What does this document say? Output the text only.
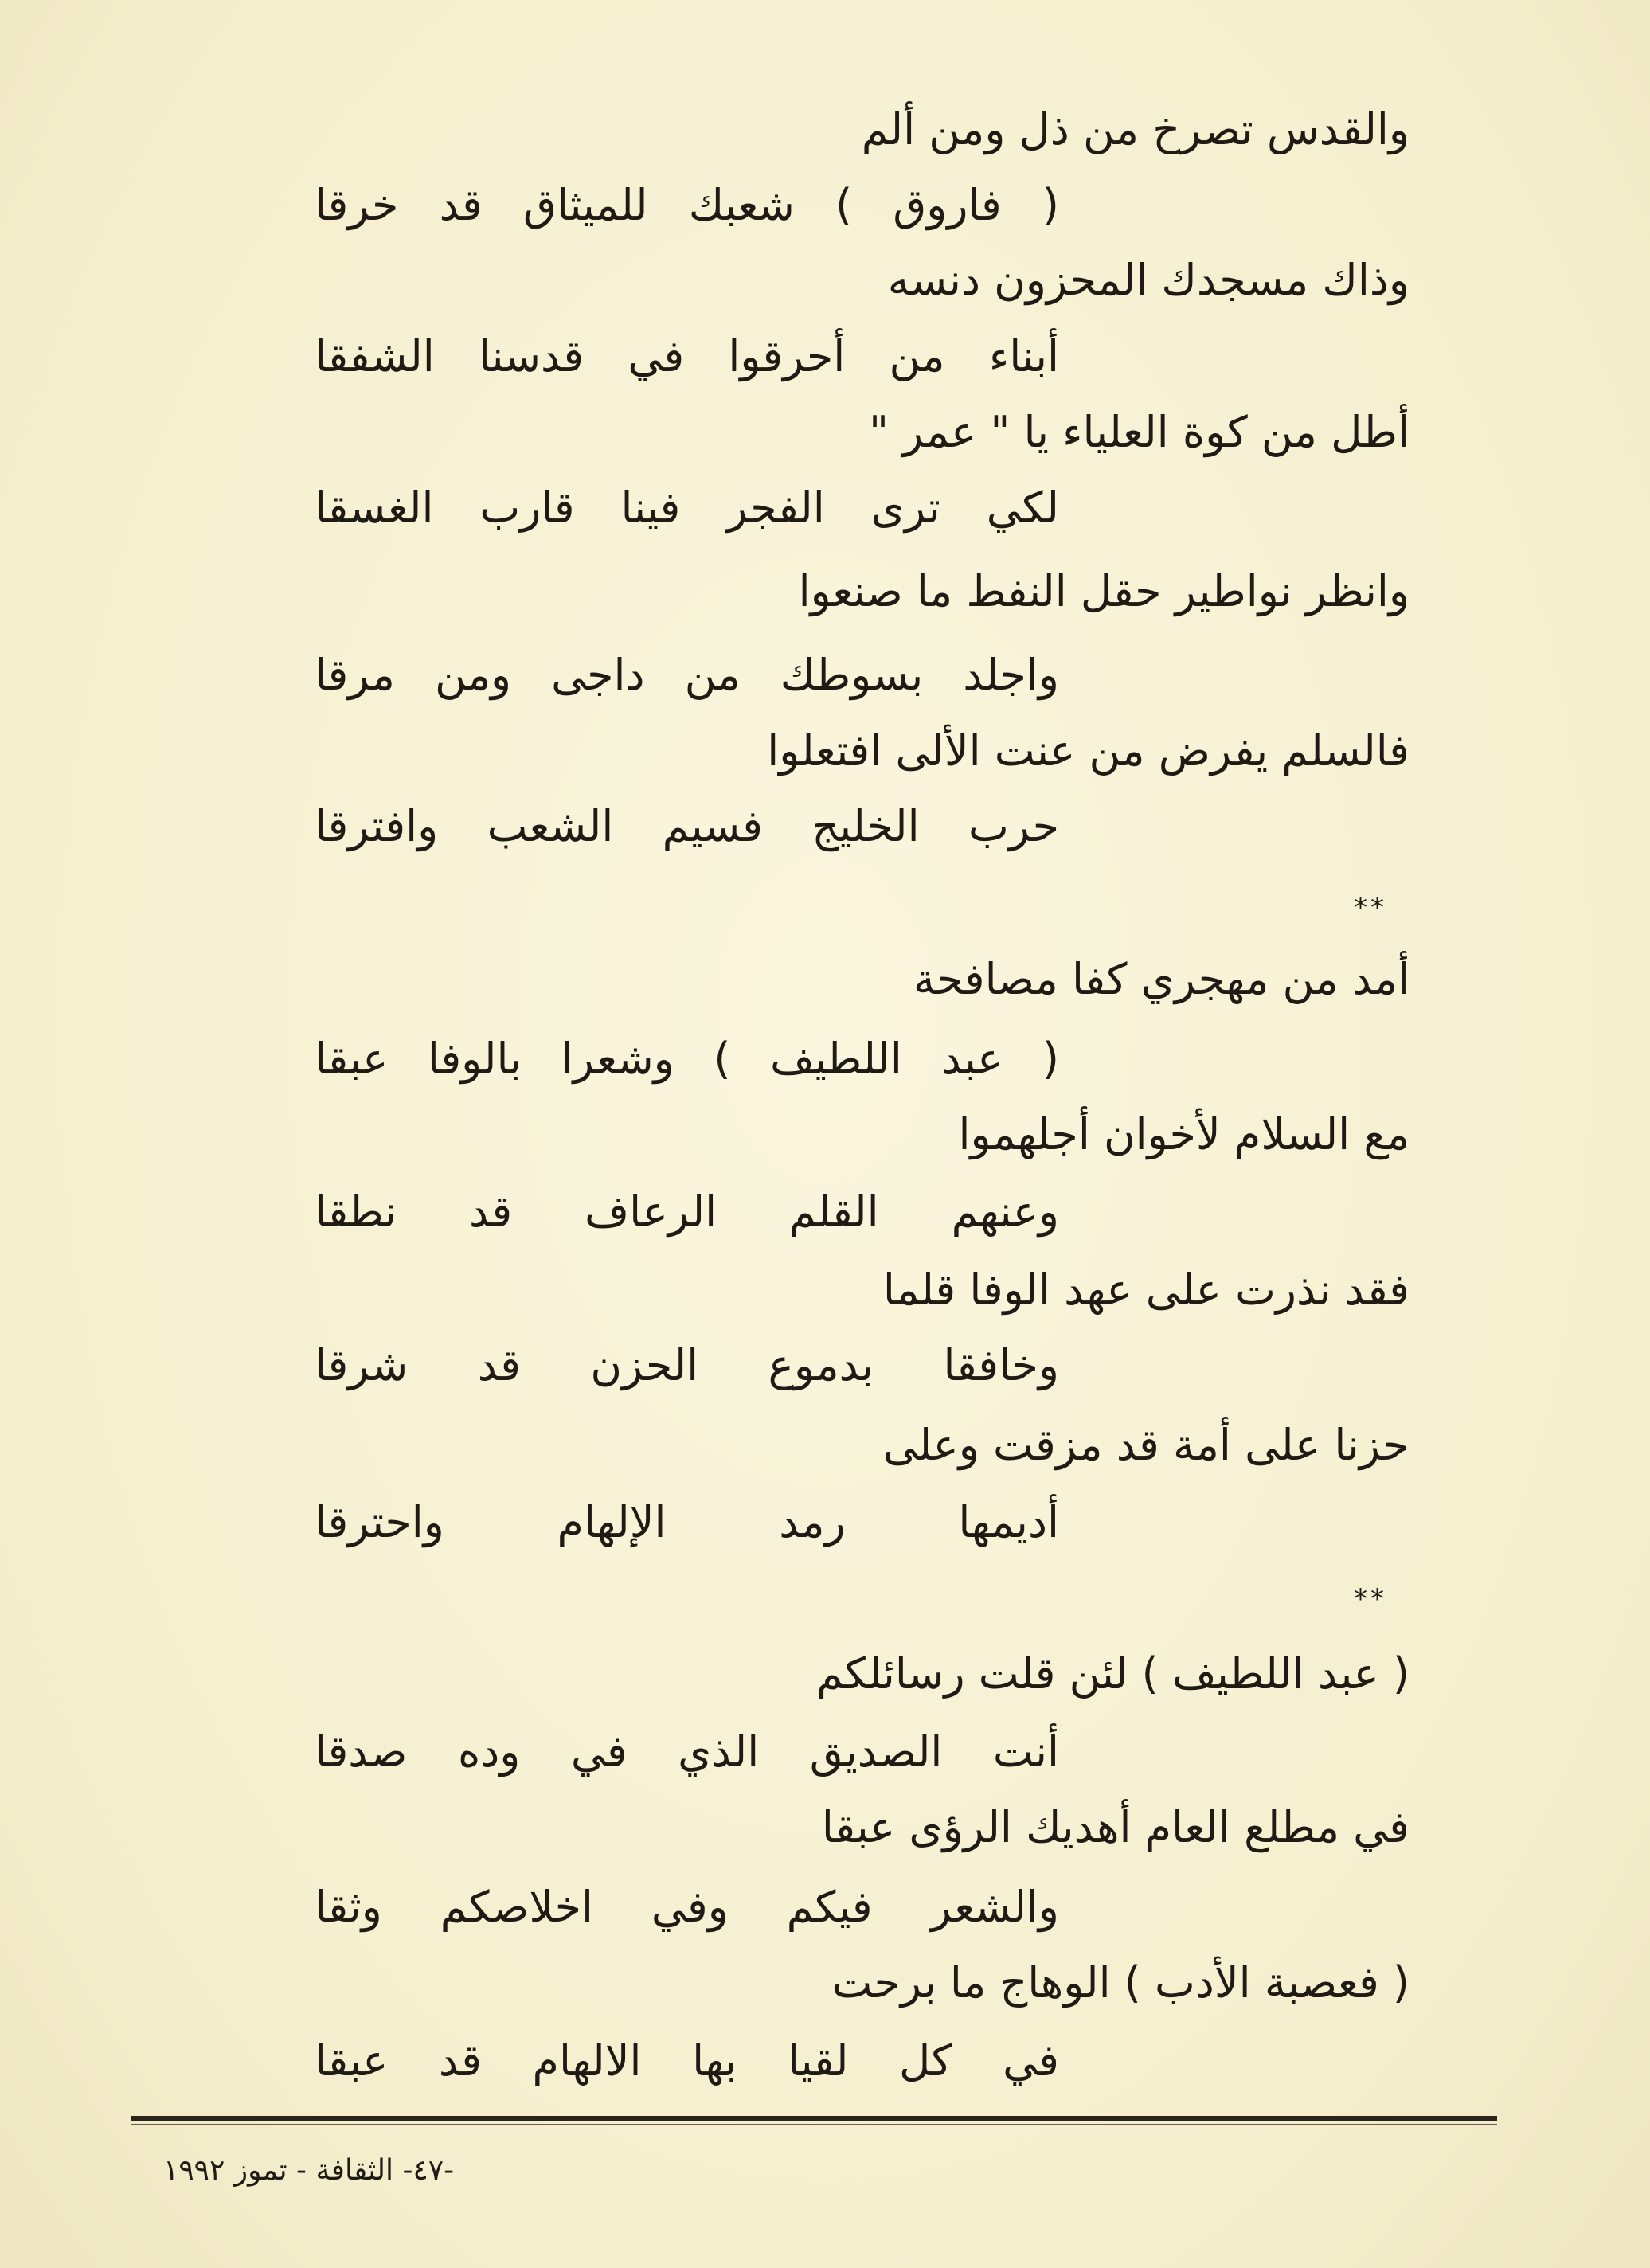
والقدس تصرخ من ذل ومن ألم
( فاروق ) شعبك للميثاق قد خرقا
وذاك مسجدك المحزون دنسه
أبناء من أحرقوا في قدسنا الشفقا
أطل من كوة العلياء يا " عمر "
لكي ترى الفجر فينا قارب الغسقا
وانظر نواطير حقل النفط ما صنعوا
واجلد بسوطك من داجى ومن مرقا
فالسلم يفرض من عنت الألى افتعلوا
حرب الخليج فسيم الشعب وافترقا
**
أمد من مهجري كفا مصافحة
( عبد اللطيف ) وشعرا بالوفا عبقا
مع السلام لأخوان أجلهموا
وعنهم القلم الرعاف قد نطقا
فقد نذرت على عهد الوفا قلما
وخافقا بدموع الحزن قد شرقا
حزنا على أمة قد مزقت وعلى
أديمها رمد الإلهام واحترقا
**
( عبد اللطيف ) لئن قلت رسائلكم
أنت الصديق الذي في وده صدقا
في مطلع العام أهديك الرؤى عبقا
والشعر فيكم وفي اخلاصكم وثقا
( فعصبة الأدب ) الوهاج ما برحت
في كل لقيا بها الالهام قد عبقا
-٤٧- الثقافة - تموز ١٩٩٢
